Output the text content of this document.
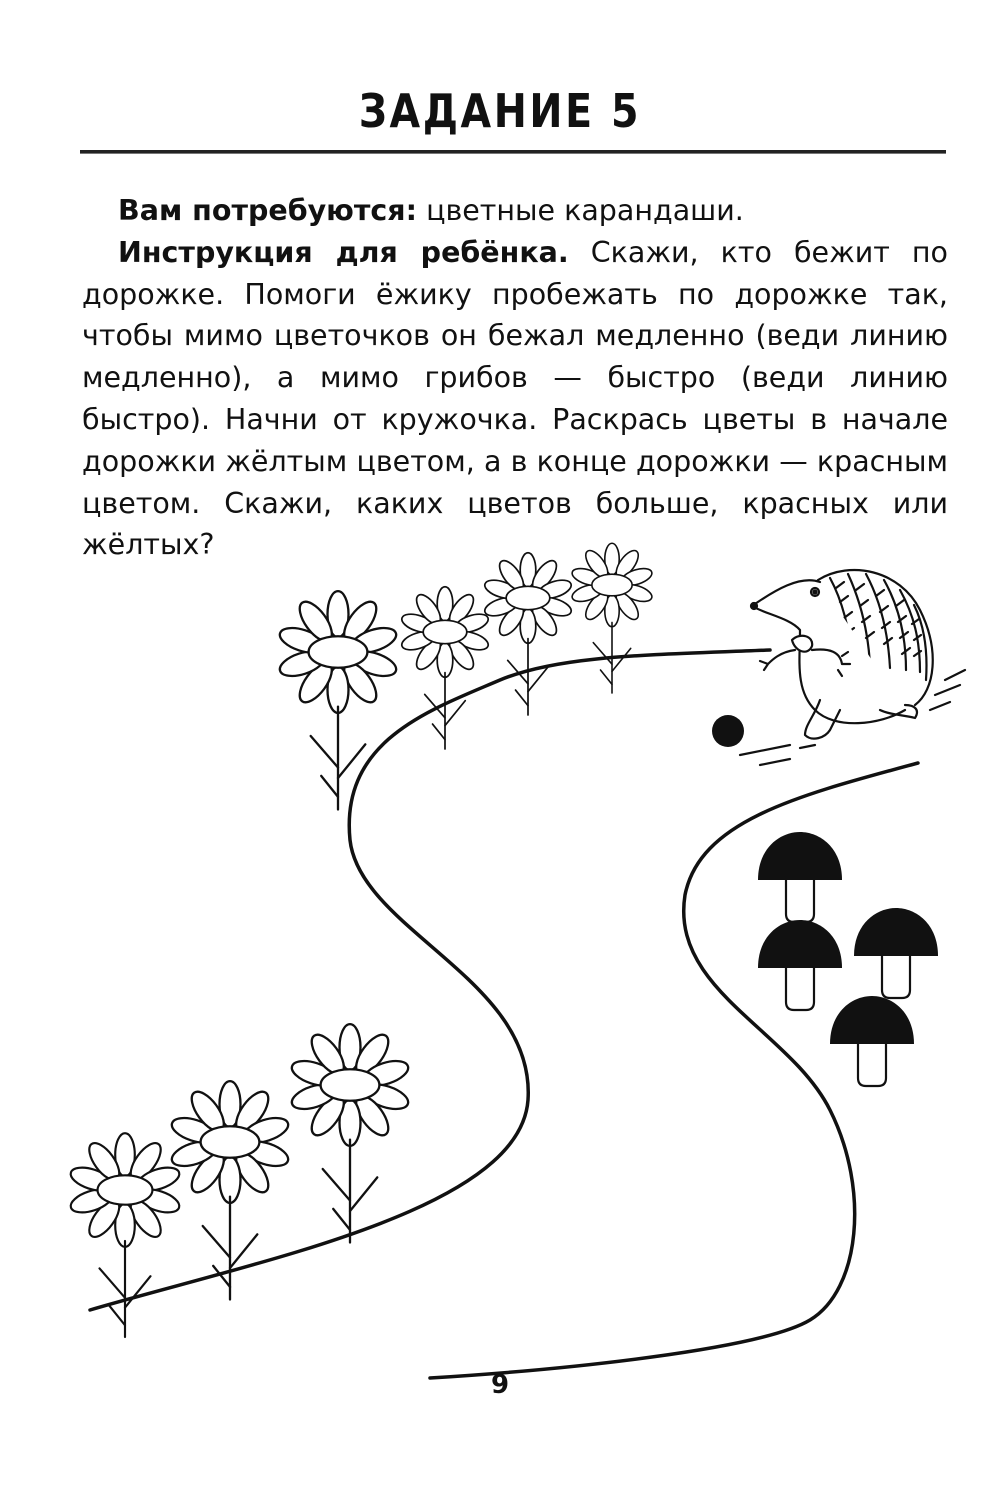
ЗАДАНИЕ 5

Вам потребуются: цветные карандаши.

Инструкция для ребёнка. Скажи, кто бежит по дорожке. Помоги ёжику пробежать по дорожке так, чтобы мимо цветочков он бежал медленно (веди линию медленно), а мимо грибов — быстро (веди линию быстро). Начни от кружочка. Раскрась цветы в начале дорожки жёлтым цветом, а в конце дорожки — красным цветом. Скажи, каких цветов больше, красных или жёлтых?

9
